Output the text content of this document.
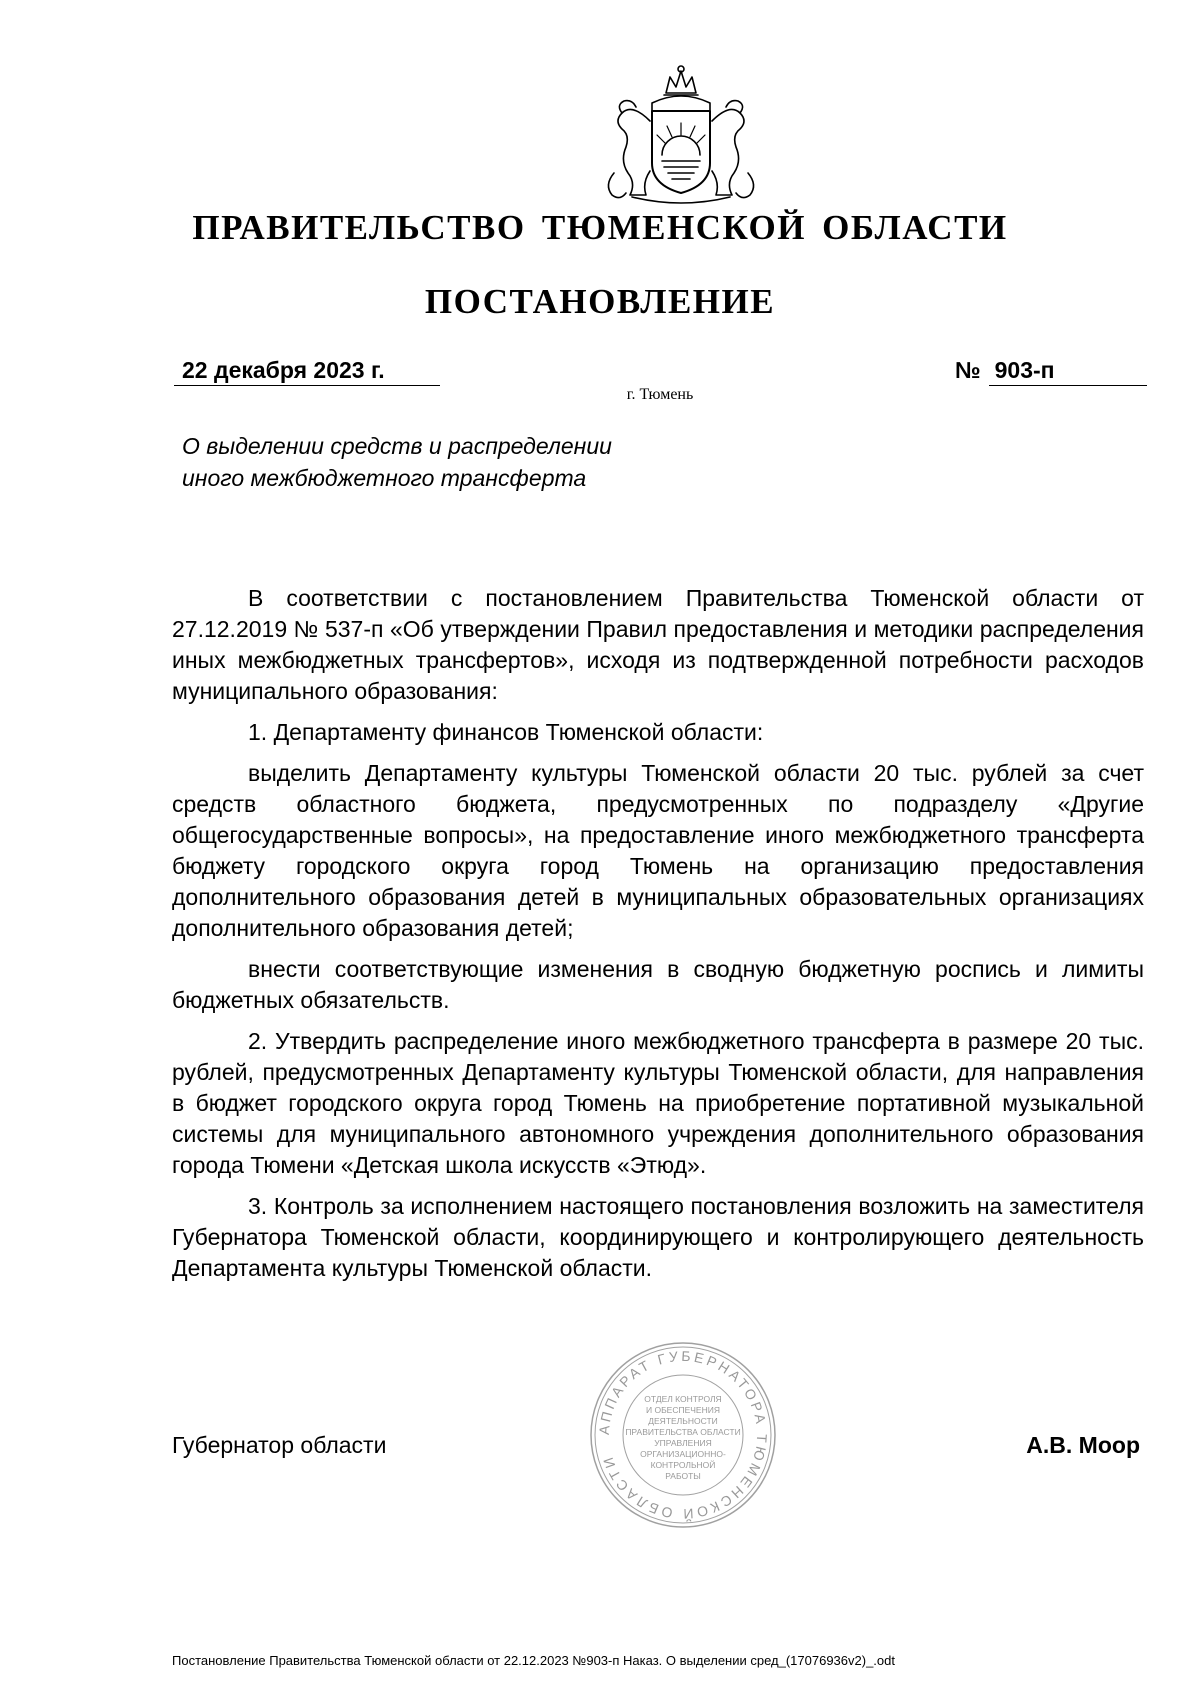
ПРАВИТЕЛЬСТВО ТЮМЕНСКОЙ ОБЛАСТИ
ПОСТАНОВЛЕНИЕ
22 декабря 2023 г.	№ 903-п
г. Тюмень
О выделении средств и распределении
иного межбюджетного трансферта

В соответствии с постановлением Правительства Тюменской области от 27.12.2019 № 537-п «Об утверждении Правил предоставления и методики распределения иных межбюджетных трансфертов», исходя из подтвержденной потребности расходов муниципального образования:

1. Департаменту финансов Тюменской области:

выделить Департаменту культуры Тюменской области 20 тыс. рублей за счет средств областного бюджета, предусмотренных по подразделу «Другие общегосударственные вопросы», на предоставление иного межбюджетного трансферта бюджету городского округа город Тюмень на организацию предоставления дополнительного образования детей в муниципальных образовательных организациях дополнительного образования детей;

внести соответствующие изменения в сводную бюджетную роспись и лимиты бюджетных обязательств.

2. Утвердить распределение иного межбюджетного трансферта в размере 20 тыс. рублей, предусмотренных Департаменту культуры Тюменской области, для направления в бюджет городского округа город Тюмень на приобретение портативной музыкальной системы для муниципального автономного учреждения дополнительного образования города Тюмени «Детская школа искусств «Этюд».

3. Контроль за исполнением настоящего постановления возложить на заместителя Губернатора Тюменской области, координирующего и контролирующего деятельность Департамента культуры Тюменской области.

АППАРАТ ГУБЕРНАТОРА ТЮМЕНСКОЙ ОБЛАСТИ
ОТДЕЛ КОНТРОЛЯ
И ОБЕСПЕЧЕНИЯ
ДЕЯТЕЛЬНОСТИ
ПРАВИТЕЛЬСТВА ОБЛАСТИ
УПРАВЛЕНИЯ
ОРГАНИЗАЦИОННО-
КОНТРОЛЬНОЙ
РАБОТЫ
Губернатор области	А.В. Моор
Постановление Правительства Тюменской области от 22.12.2023 №903-п Наказ. О выделении сред_(17076936v2)_.odt
